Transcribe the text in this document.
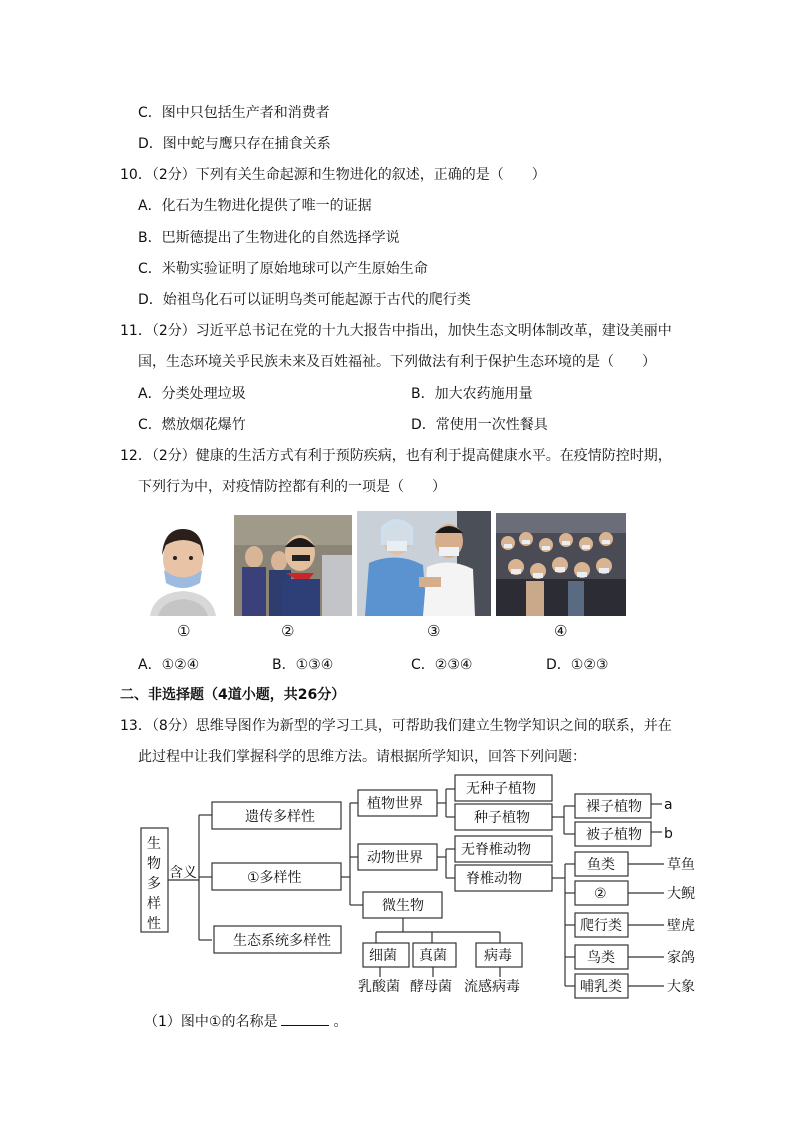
C．图中只包括生产者和消费者
D．图中蛇与鹰只存在捕食关系
10．（2分）下列有关生命起源和生物进化的叙述，正确的是（　　）
A．化石为生物进化提供了唯一的证据
B．巴斯德提出了生物进化的自然选择学说
C．米勒实验证明了原始地球可以产生原始生命
D．始祖鸟化石可以证明鸟类可能起源于古代的爬行类
11．（2分）习近平总书记在党的十九大报告中指出，加快生态文明体制改革，建设美丽中
国，生态环境关乎民族未来及百姓福祉。下列做法有利于保护生态环境的是（　　）
A．分类处理垃圾	B．加大农药施用量
C．燃放烟花爆竹	D．常使用一次性餐具
12．（2分）健康的生活方式有利于预防疾病，也有利于提高健康水平。在疫情防控时期，
下列行为中，对疫情防控都有利的一项是（　　）
①	②	③	④
A．①②④	B．①③④	C．②③④	D．①②③
二、非选择题（4道小题，共26分）
13．（8分）思维导图作为新型的学习工具，可帮助我们建立生物学知识之间的联系，并在
此过程中让我们掌握科学的思维方法。请根据所学知识，回答下列问题：
生
物
多
样
性
含义
遗传多样性
①多样性
生态系统多样性
植物世界
动物世界
微生物
无种子植物
种子植物
裸子植物
被子植物
a
b
无脊椎动物
脊椎动物
鱼类
②
爬行类
鸟类
哺乳类
草鱼
大鲵
壁虎
家鸽
大象
细菌 真菌	病毒
乳酸菌 酵母菌 流感病毒
（1）图中①的名称是	。
